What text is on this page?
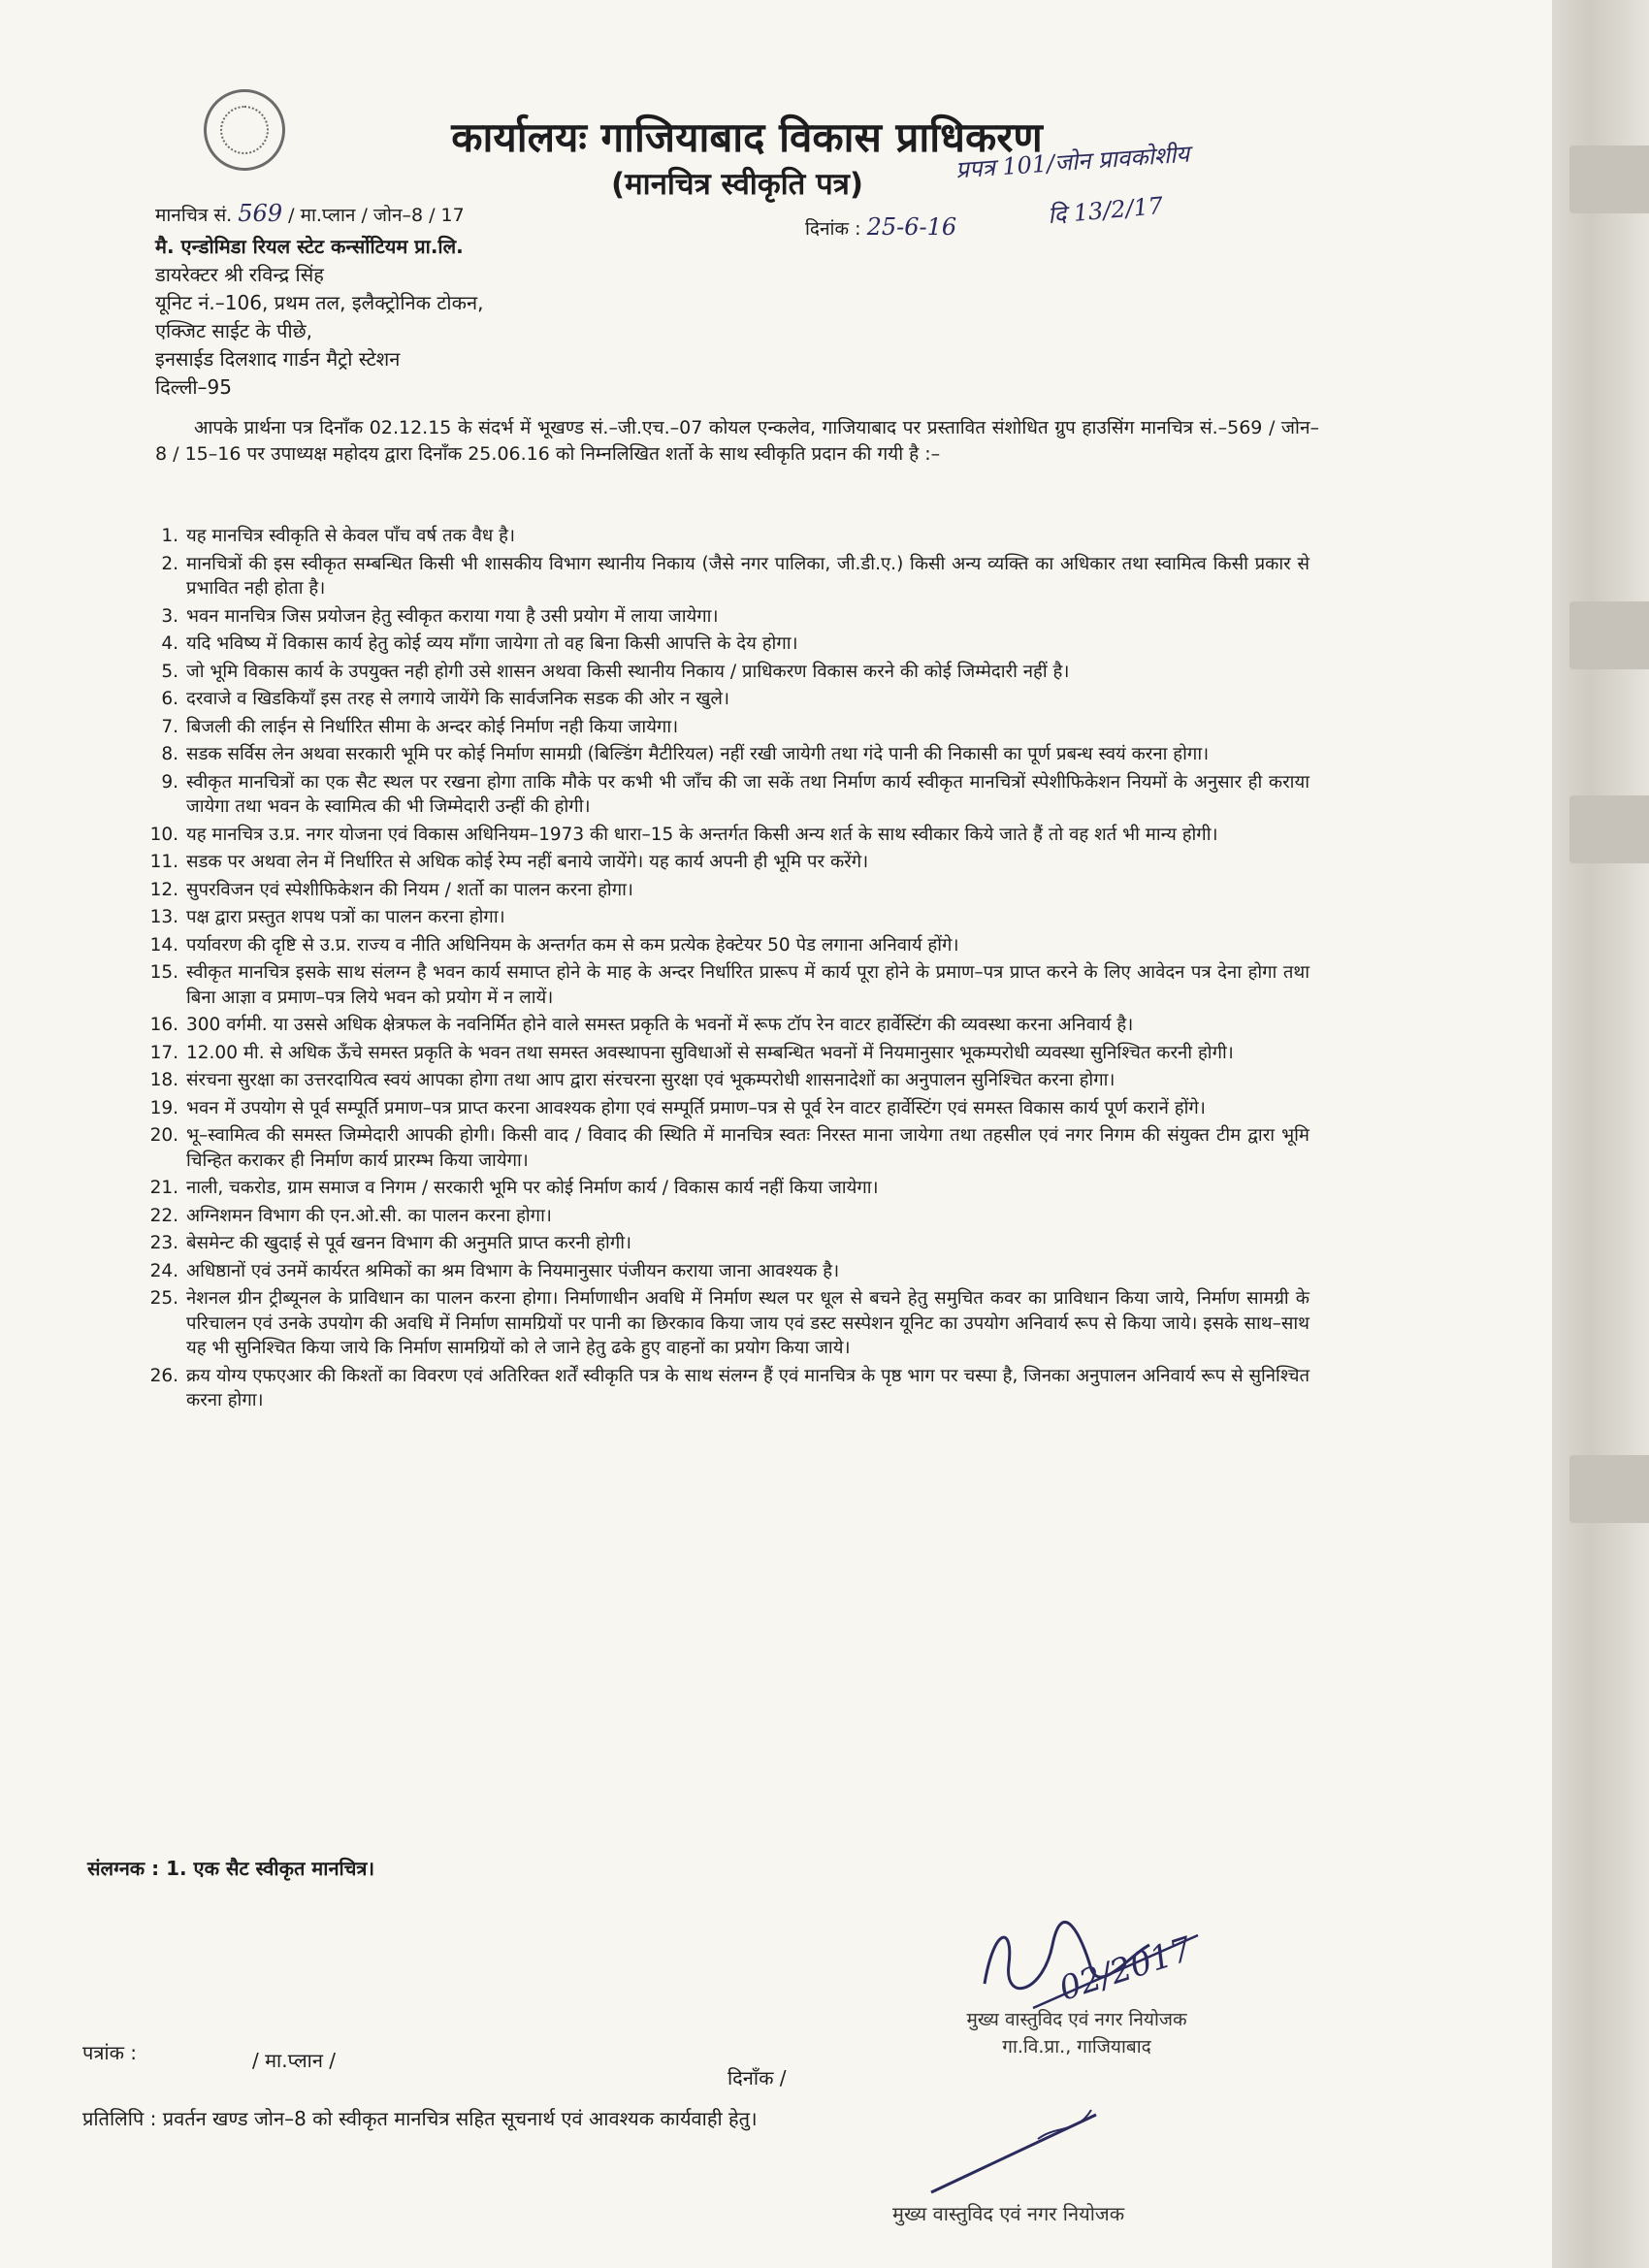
कार्यालयः गाजियाबाद विकास प्राधिकरण
(मानचित्र स्वीकृति पत्र)
प्रपत्र 101/जोन प्रावकोशीय
दि 13/2/17
मानचित्र सं. 569 / मा.प्लान / जोन–8 / 17
दिनांक : 25-6-16
मै. एन्डोमिडा रियल स्टेट कर्न्सोटियम प्रा.लि.
डायरेक्टर श्री रविन्द्र सिंह
यूनिट नं.–106, प्रथम तल, इलैक्ट्रोनिक टोकन,
एक्जिट साईट के पीछे,
इनसाईड दिलशाद गार्डन मैट्रो स्टेशन
दिल्ली–95
आपके प्रार्थना पत्र दिनाँक 02.12.15 के संदर्भ में भूखण्ड सं.–जी.एच.–07 कोयल एन्कलेव, गाजियाबाद पर प्रस्तावित संशोधित ग्रुप हाउसिंग मानचित्र सं.–569 / जोन–8 / 15–16 पर उपाध्यक्ष महोदय द्वारा दिनाँक 25.06.16 को निम्नलिखित शर्तो के साथ स्वीकृति प्रदान की गयी है :–
1. यह मानचित्र स्वीकृति से केवल पाँच वर्ष तक वैध है।
2. मानचित्रों की इस स्वीकृत सम्बन्धित किसी भी शासकीय विभाग स्थानीय निकाय (जैसे नगर पालिका, जी.डी.ए.) किसी अन्य व्यक्ति का अधिकार तथा स्वामित्व किसी प्रकार से प्रभावित नही होता है।
3. भवन मानचित्र जिस प्रयोजन हेतु स्वीकृत कराया गया है उसी प्रयोग में लाया जायेगा।
4. यदि भविष्य में विकास कार्य हेतु कोई व्यय माँगा जायेगा तो वह बिना किसी आपत्ति के देय होगा।
5. जो भूमि विकास कार्य के उपयुक्त नही होगी उसे शासन अथवा किसी स्थानीय निकाय / प्राधिकरण विकास करने की कोई जिम्मेदारी नहीं है।
6. दरवाजे व खिडकियाँ इस तरह से लगाये जायेंगे कि सार्वजनिक सडक की ओर न खुले।
7. बिजली की लाईन से निर्धारित सीमा के अन्दर कोई निर्माण नही किया जायेगा।
8. सडक सर्विस लेन अथवा सरकारी भूमि पर कोई निर्माण सामग्री (बिल्डिंग मैटीरियल) नहीं रखी जायेगी तथा गंदे पानी की निकासी का पूर्ण प्रबन्ध स्वयं करना होगा।
9. स्वीकृत मानचित्रों का एक सैट स्थल पर रखना होगा ताकि मौके पर कभी भी जाँच की जा सकें तथा निर्माण कार्य स्वीकृत मानचित्रों स्पेशीफिकेशन नियमों के अनुसार ही कराया जायेगा तथा भवन के स्वामित्व की भी जिम्मेदारी उन्हीं की होगी।
10. यह मानचित्र उ.प्र. नगर योजना एवं विकास अधिनियम–1973 की धारा–15 के अन्तर्गत किसी अन्य शर्त के साथ स्वीकार किये जाते हैं तो वह शर्त भी मान्य होगी।
11. सडक पर अथवा लेन में निर्धारित से अधिक कोई रेम्प नहीं बनाये जायेंगे। यह कार्य अपनी ही भूमि पर करेंगे।
12. सुपरविजन एवं स्पेशीफिकेशन की नियम / शर्तो का पालन करना होगा।
13. पक्ष द्वारा प्रस्तुत शपथ पत्रों का पालन करना होगा।
14. पर्यावरण की दृष्टि से उ.प्र. राज्य व नीति अधिनियम के अन्तर्गत कम से कम प्रत्येक हेक्टेयर 50 पेड लगाना अनिवार्य होंगे।
15. स्वीकृत मानचित्र इसके साथ संलग्न है भवन कार्य समाप्त होने के माह के अन्दर निर्धारित प्रारूप में कार्य पूरा होने के प्रमाण–पत्र प्राप्त करने के लिए आवेदन पत्र देना होगा तथा बिना आज्ञा व प्रमाण–पत्र लिये भवन को प्रयोग में न लायें।
16. 300 वर्गमी. या उससे अधिक क्षेत्रफल के नवनिर्मित होने वाले समस्त प्रकृति के भवनों में रूफ टॉप रेन वाटर हार्वेस्टिंग की व्यवस्था करना अनिवार्य है।
17. 12.00 मी. से अधिक ऊँचे समस्त प्रकृति के भवन तथा समस्त अवस्थापना सुविधाओं से सम्बन्धित भवनों में नियमानुसार भूकम्परोधी व्यवस्था सुनिश्चित करनी होगी।
18. संरचना सुरक्षा का उत्तरदायित्व स्वयं आपका होगा तथा आप द्वारा संरचरना सुरक्षा एवं भूकम्परोधी शासनादेशों का अनुपालन सुनिश्चित करना होगा।
19. भवन में उपयोग से पूर्व सम्पूर्ति प्रमाण–पत्र प्राप्त करना आवश्यक होगा एवं सम्पूर्ति प्रमाण–पत्र से पूर्व रेन वाटर हार्वेस्टिंग एवं समस्त विकास कार्य पूर्ण करानें होंगे।
20. भू–स्वामित्व की समस्त जिम्मेदारी आपकी होगी। किसी वाद / विवाद की स्थिति में मानचित्र स्वतः निरस्त माना जायेगा तथा तहसील एवं नगर निगम की संयुक्त टीम द्वारा भूमि चिन्हित कराकर ही निर्माण कार्य प्रारम्भ किया जायेगा।
21. नाली, चकरोड, ग्राम समाज व निगम / सरकारी भूमि पर कोई निर्माण कार्य / विकास कार्य नहीं किया जायेगा।
22. अग्निशमन विभाग की एन.ओ.सी. का पालन करना होगा।
23. बेसमेन्ट की खुदाई से पूर्व खनन विभाग की अनुमति प्राप्त करनी होगी।
24. अधिष्ठानों एवं उनमें कार्यरत श्रमिकों का श्रम विभाग के नियमानुसार पंजीयन कराया जाना आवश्यक है।
25. नेशनल ग्रीन ट्रीब्यूनल के प्राविधान का पालन करना होगा। निर्माणाधीन अवधि में निर्माण स्थल पर धूल से बचने हेतु समुचित कवर का प्राविधान किया जाये, निर्माण सामग्री के परिचालन एवं उनके उपयोग की अवधि में निर्माण सामग्रियों पर पानी का छिरकाव किया जाय एवं डस्ट सस्पेशन यूनिट का उपयोग अनिवार्य रूप से किया जाये। इसके साथ–साथ यह भी सुनिश्चित किया जाये कि निर्माण सामग्रियों को ले जाने हेतु ढके हुए वाहनों का प्रयोग किया जाये।
26. क्रय योग्य एफएआर की किश्तों का विवरण एवं अतिरिक्त शर्तें स्वीकृति पत्र के साथ संलग्न हैं एवं मानचित्र के पृष्ठ भाग पर चस्पा है, जिनका अनुपालन अनिवार्य रूप से सुनिश्चित करना होगा।
संलग्नक : 1. एक सैट स्वीकृत मानचित्र।
02/2017
मुख्य वास्तुविद एवं नगर नियोजक
गा.वि.प्रा., गाजियाबाद
पत्रांक :	/ मा.प्लान /
दिनाँक /
प्रतिलिपि : प्रवर्तन खण्ड जोन–8 को स्वीकृत मानचित्र सहित सूचनार्थ एवं आवश्यक कार्यवाही हेतु।
मुख्य वास्तुविद एवं नगर नियोजक
